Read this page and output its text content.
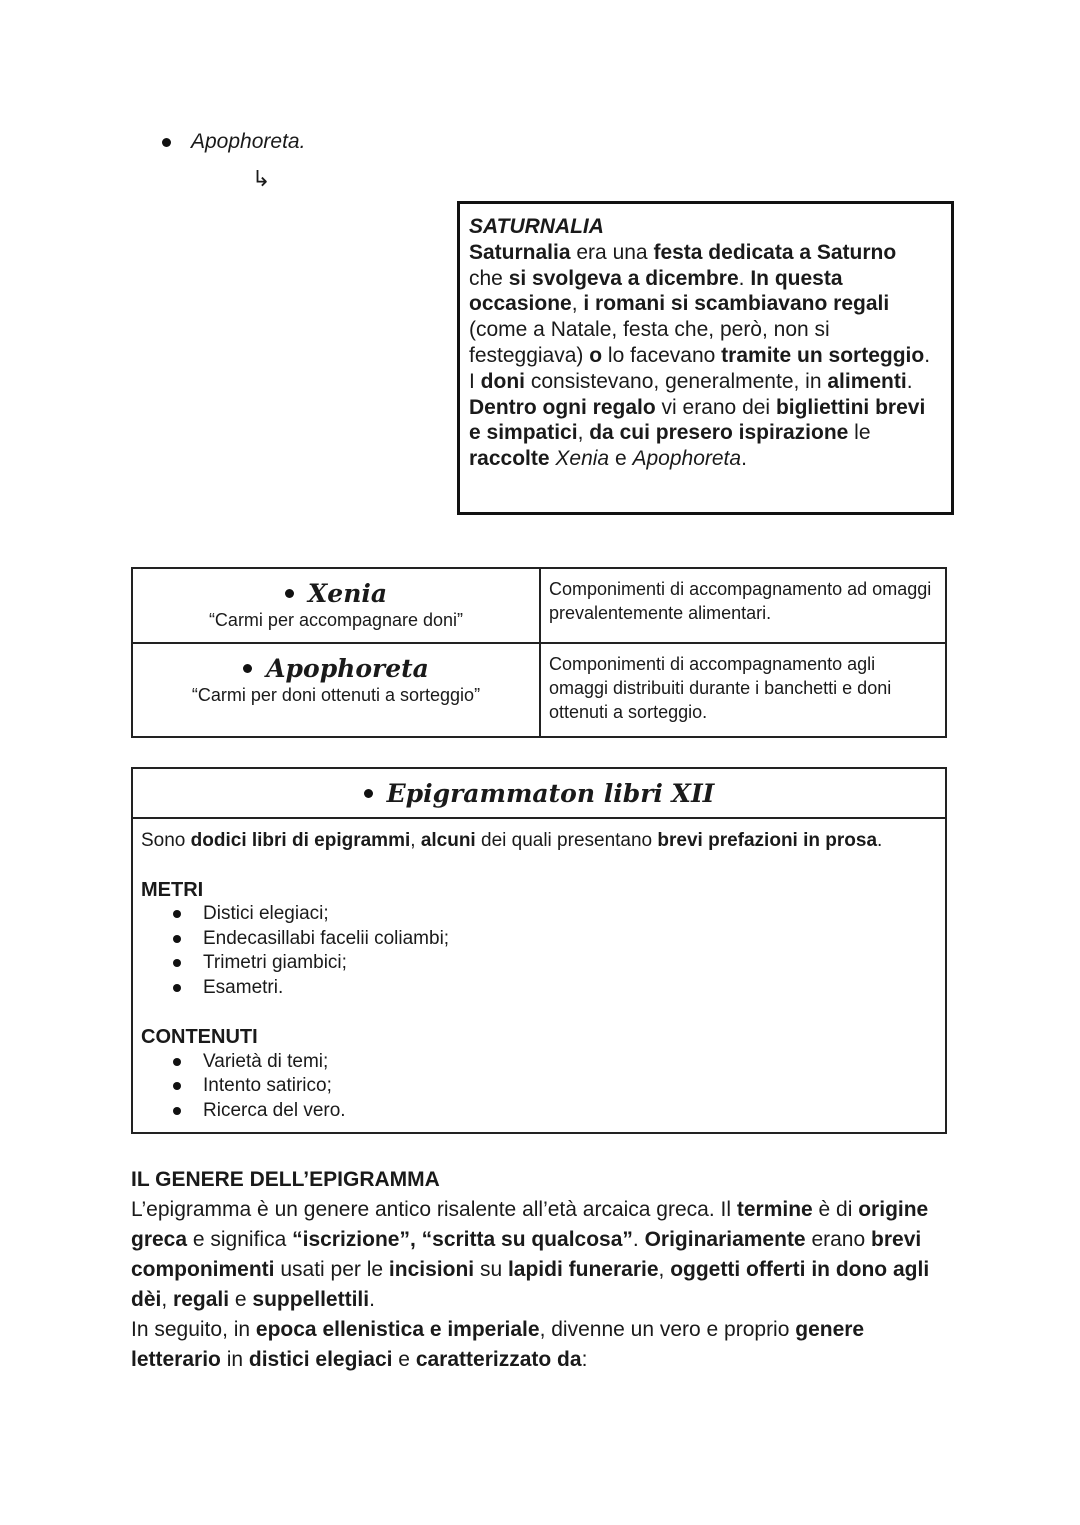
Apophoreta.
↳

SATURNALIA

Saturnalia era una festa dedicata a Saturno
che si svolgeva a dicembre. In questa occasione, i romani si scambiavano regali (come a Natale, festa che, però, non si festeggiava) o lo facevano tramite un sorteggio.

I doni consistevano, generalmente, in alimenti. Dentro ogni regalo vi erano dei bigliettini brevi e simpatici, da cui presero ispirazione le raccolte Xenia e Apophoreta.

Xenia
“Carmi per accompagnare doni”	Componimenti di accompagnamento ad omaggi prevalentemente alimentari.

Apophoreta
“Carmi per doni ottenuti a sorteggio”	Componimenti di accompagnamento agli omaggi distribuiti durante i banchetti e doni ottenuti a sorteggio.
Epigrammaton libri XII
Sono dodici libri di epigrammi, alcuni dei quali presentano brevi prefazioni in prosa.
METRI
Distici elegiaci;
Endecasillabi facelii coliambi;
Trimetri giambici;
Esametri.
CONTENUTI
Varietà di temi;
Intento satirico;
Ricerca del vero.

IL GENERE DELL’EPIGRAMMA

L’epigramma è un genere antico risalente all’età arcaica greca. Il termine è di origine greca e significa “iscrizione”, “scritta su qualcosa”. Originariamente erano brevi componimenti usati per le incisioni su lapidi funerarie, oggetti offerti in dono agli dèi, regali e suppellettili.

In seguito, in epoca ellenistica e imperiale, divenne un vero e proprio genere letterario in distici elegiaci e caratterizzato da:
